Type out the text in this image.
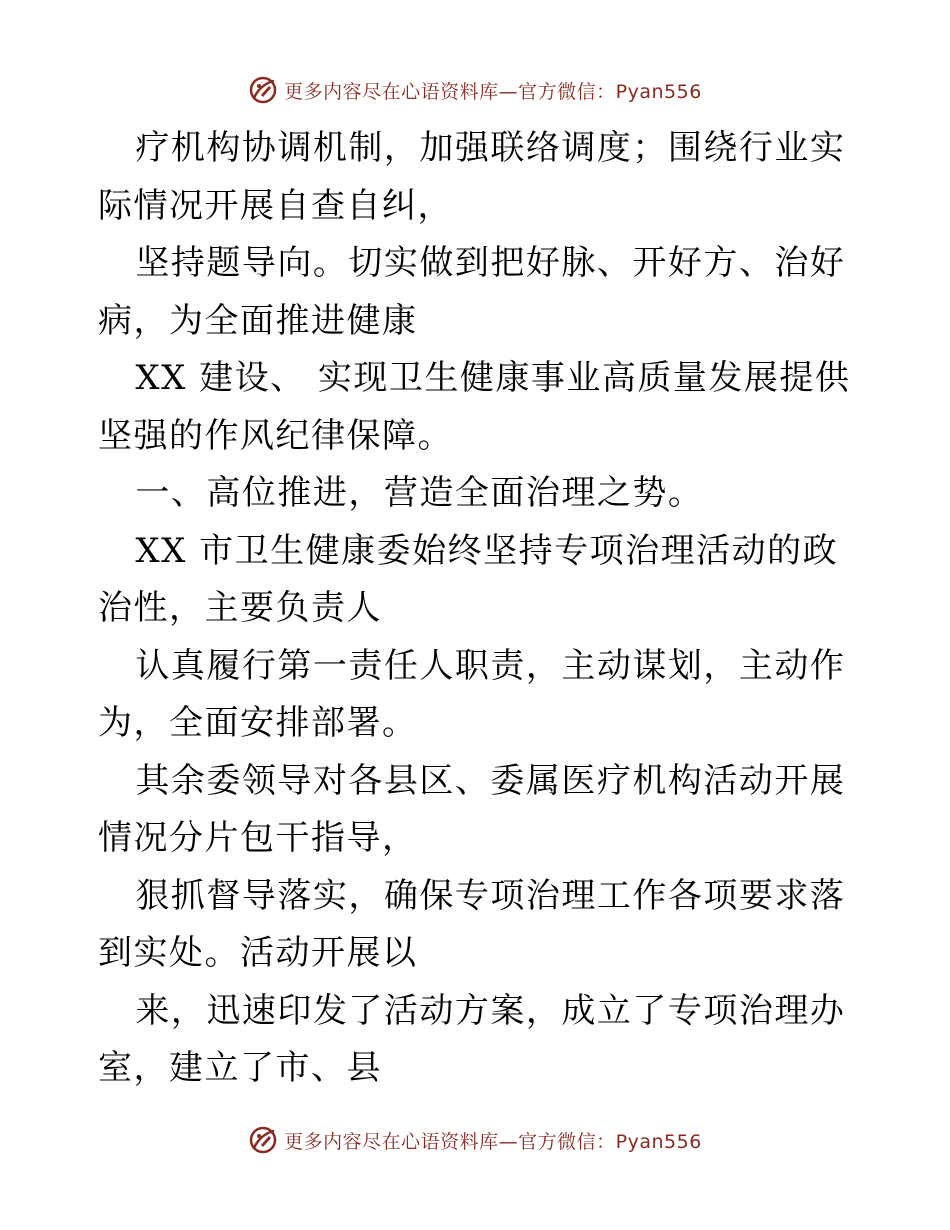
更多内容尽在心语资料库—官方微信：Pyan556

疗机构协调机制，加强联络调度；围绕行业实际情况开展自查自纠，

坚持题导向。切实做到把好脉、开好方、治好病，为全面推进健康

XX 建设、 实现卫生健康事业高质量发展提供坚强的作风纪律保障。

一、高位推进，营造全面治理之势。

XX 市卫生健康委始终坚持专项治理活动的政治性，主要负责人

认真履行第一责任人职责，主动谋划，主动作为，全面安排部署。

其余委领导对各县区、委属医疗机构活动开展情况分片包干指导，

狠抓督导落实，确保专项治理工作各项要求落到实处。活动开展以

来，迅速印发了活动方案，成立了专项治理办室，建立了市、县

更多内容尽在心语资料库—官方微信：Pyan556
